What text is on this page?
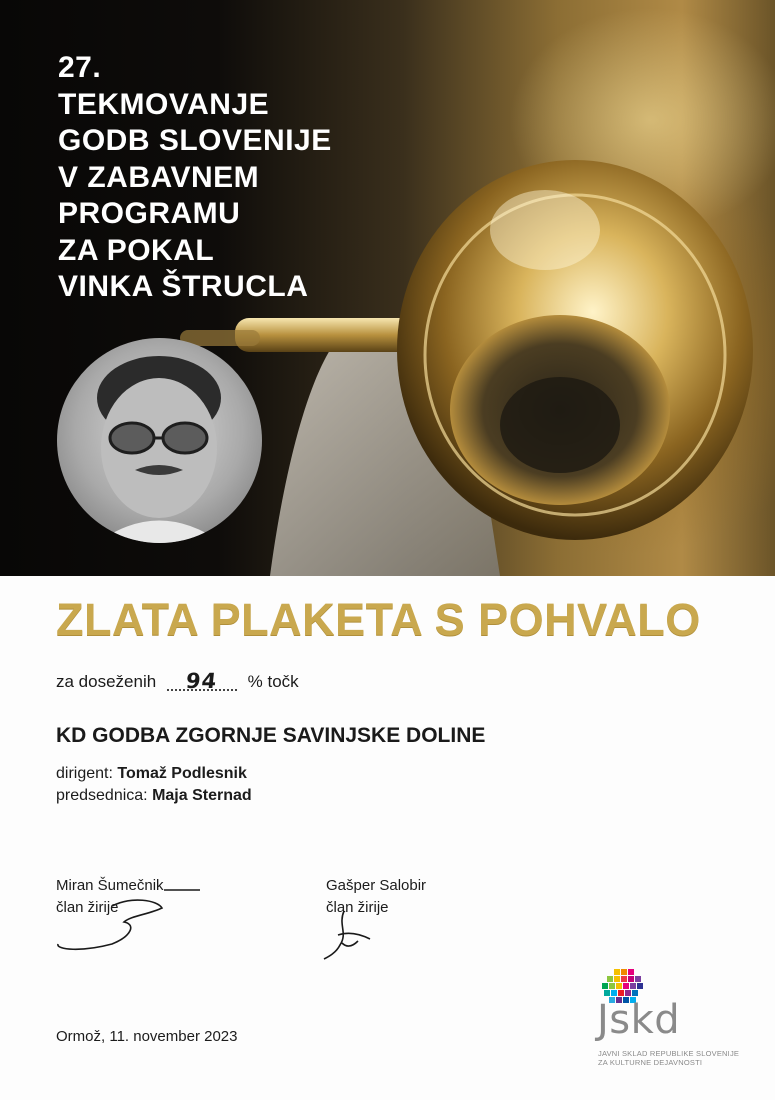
27.
TEKMOVANJE
GODB SLOVENIJE
V ZABAVNEM
PROGRAMU
ZA POKAL
VINKA ŠTRUCLA
ZLATA PLAKETA S POHVALO
za doseženih 94 % točk
KD GODBA ZGORNJE SAVINJSKE DOLINE
dirigent: Tomaž Podlesnik
predsednica: Maja Sternad
Miran Šumečnik
član žirije
Gašper Salobir
član žirije
Ormož, 11. november 2023	Jskd
JAVNI SKLAD REPUBLIKE SLOVENIJE
ZA KULTURNE DEJAVNOSTI
